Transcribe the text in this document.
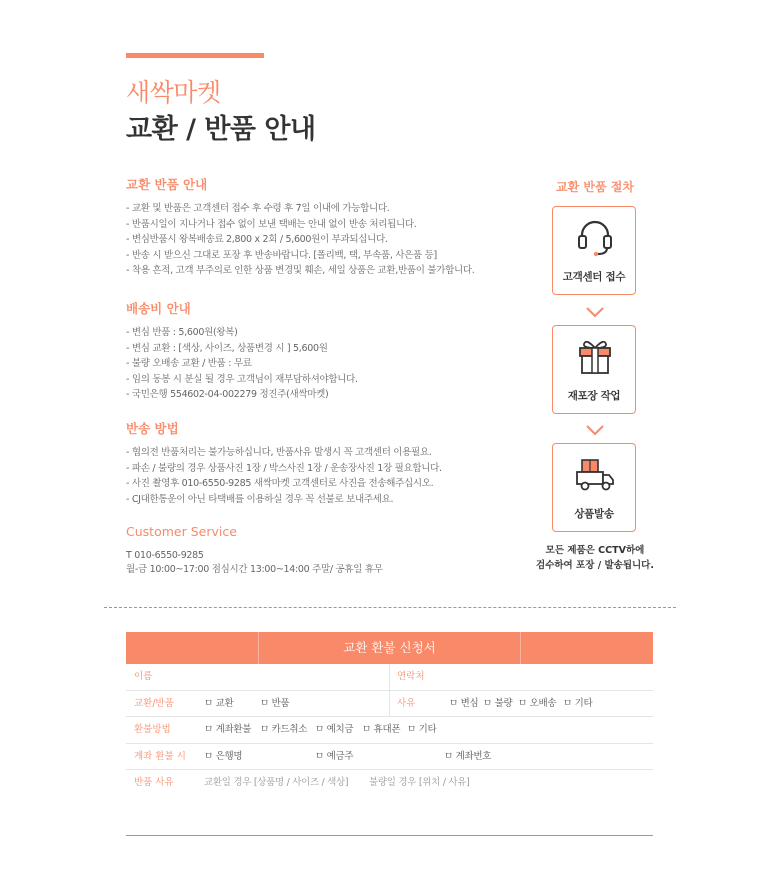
새싹마켓
교환 / 반품 안내
교환 반품 안내
- 교환 및 반품은 고객센터 접수 후 수령 후 7일 이내에 가능합니다.
- 반품시일이 지나거나 접수 없이 보낸 택배는 안내 없이 반송 처리됩니다.
- 변심반품시 왕복배송료 2,800 x 2회 / 5,600원이 부과되십니다.
- 반송 시 받으신 그대로 포장 후 반송바랍니다. [폴리백, 택, 부속품, 사은품 등]
- 착용 흔적, 고객 부주의로 인한 상품 변경및 훼손, 세일 상품은 교환,반품이 불가합니다.
배송비 안내
- 변심 반품 : 5,600원(왕복)
- 변심 교환 : [색상, 사이즈, 상품변경 시 ] 5,600원
- 불량 오배송 교환 / 반품 : 무료
- 임의 동봉 시 분실 될 경우 고객님이 재부담하셔야합니다.
- 국민은행 554602-04-002279 정진주(새싹마켓)
반송 방법
- 협의전 반품처리는 불가능하십니다, 반품사유 발생시 꼭 고객센터 이용필요.
- 파손 / 불량의 경우 상품사진 1장 / 박스사진 1장 / 운송장사진 1장 필요합니다.
- 사진 촬영후 010-6550-9285 새싹마켓 고객센터로 사진을 전송해주십시오.
- CJ대한통운이 아닌 타택배를 이용하실 경우 꼭 선불로 보내주세요.
Customer Service
T 010-6550-9285
월-금 10:00~17:00 점심시간 13:00~14:00 주말/ 공휴일 휴무
교환 반품 절차
고객센터 접수
재포장 작업
상품발송
모든 제품은 CCTV하에
검수하여 포장 / 발송됩니다.
교환 환불 신청서
이름	연락처
교환/반품	ㅁ 교환	ㅁ 반품	사유	ㅁ 변심 ㅁ 불량 ㅁ 오배송 ㅁ 기타
환불방법	ㅁ 계좌환불 ㅁ 카드취소 ㅁ 예치금 ㅁ 휴대폰 ㅁ 기타
계좌 환불 시 ㅁ 은행명	ㅁ 예금주	ㅁ 계좌번호
반품 사유	교환일 경우 [상품명 / 사이즈 / 색상] 불량일 경우 [위치 / 사유]
